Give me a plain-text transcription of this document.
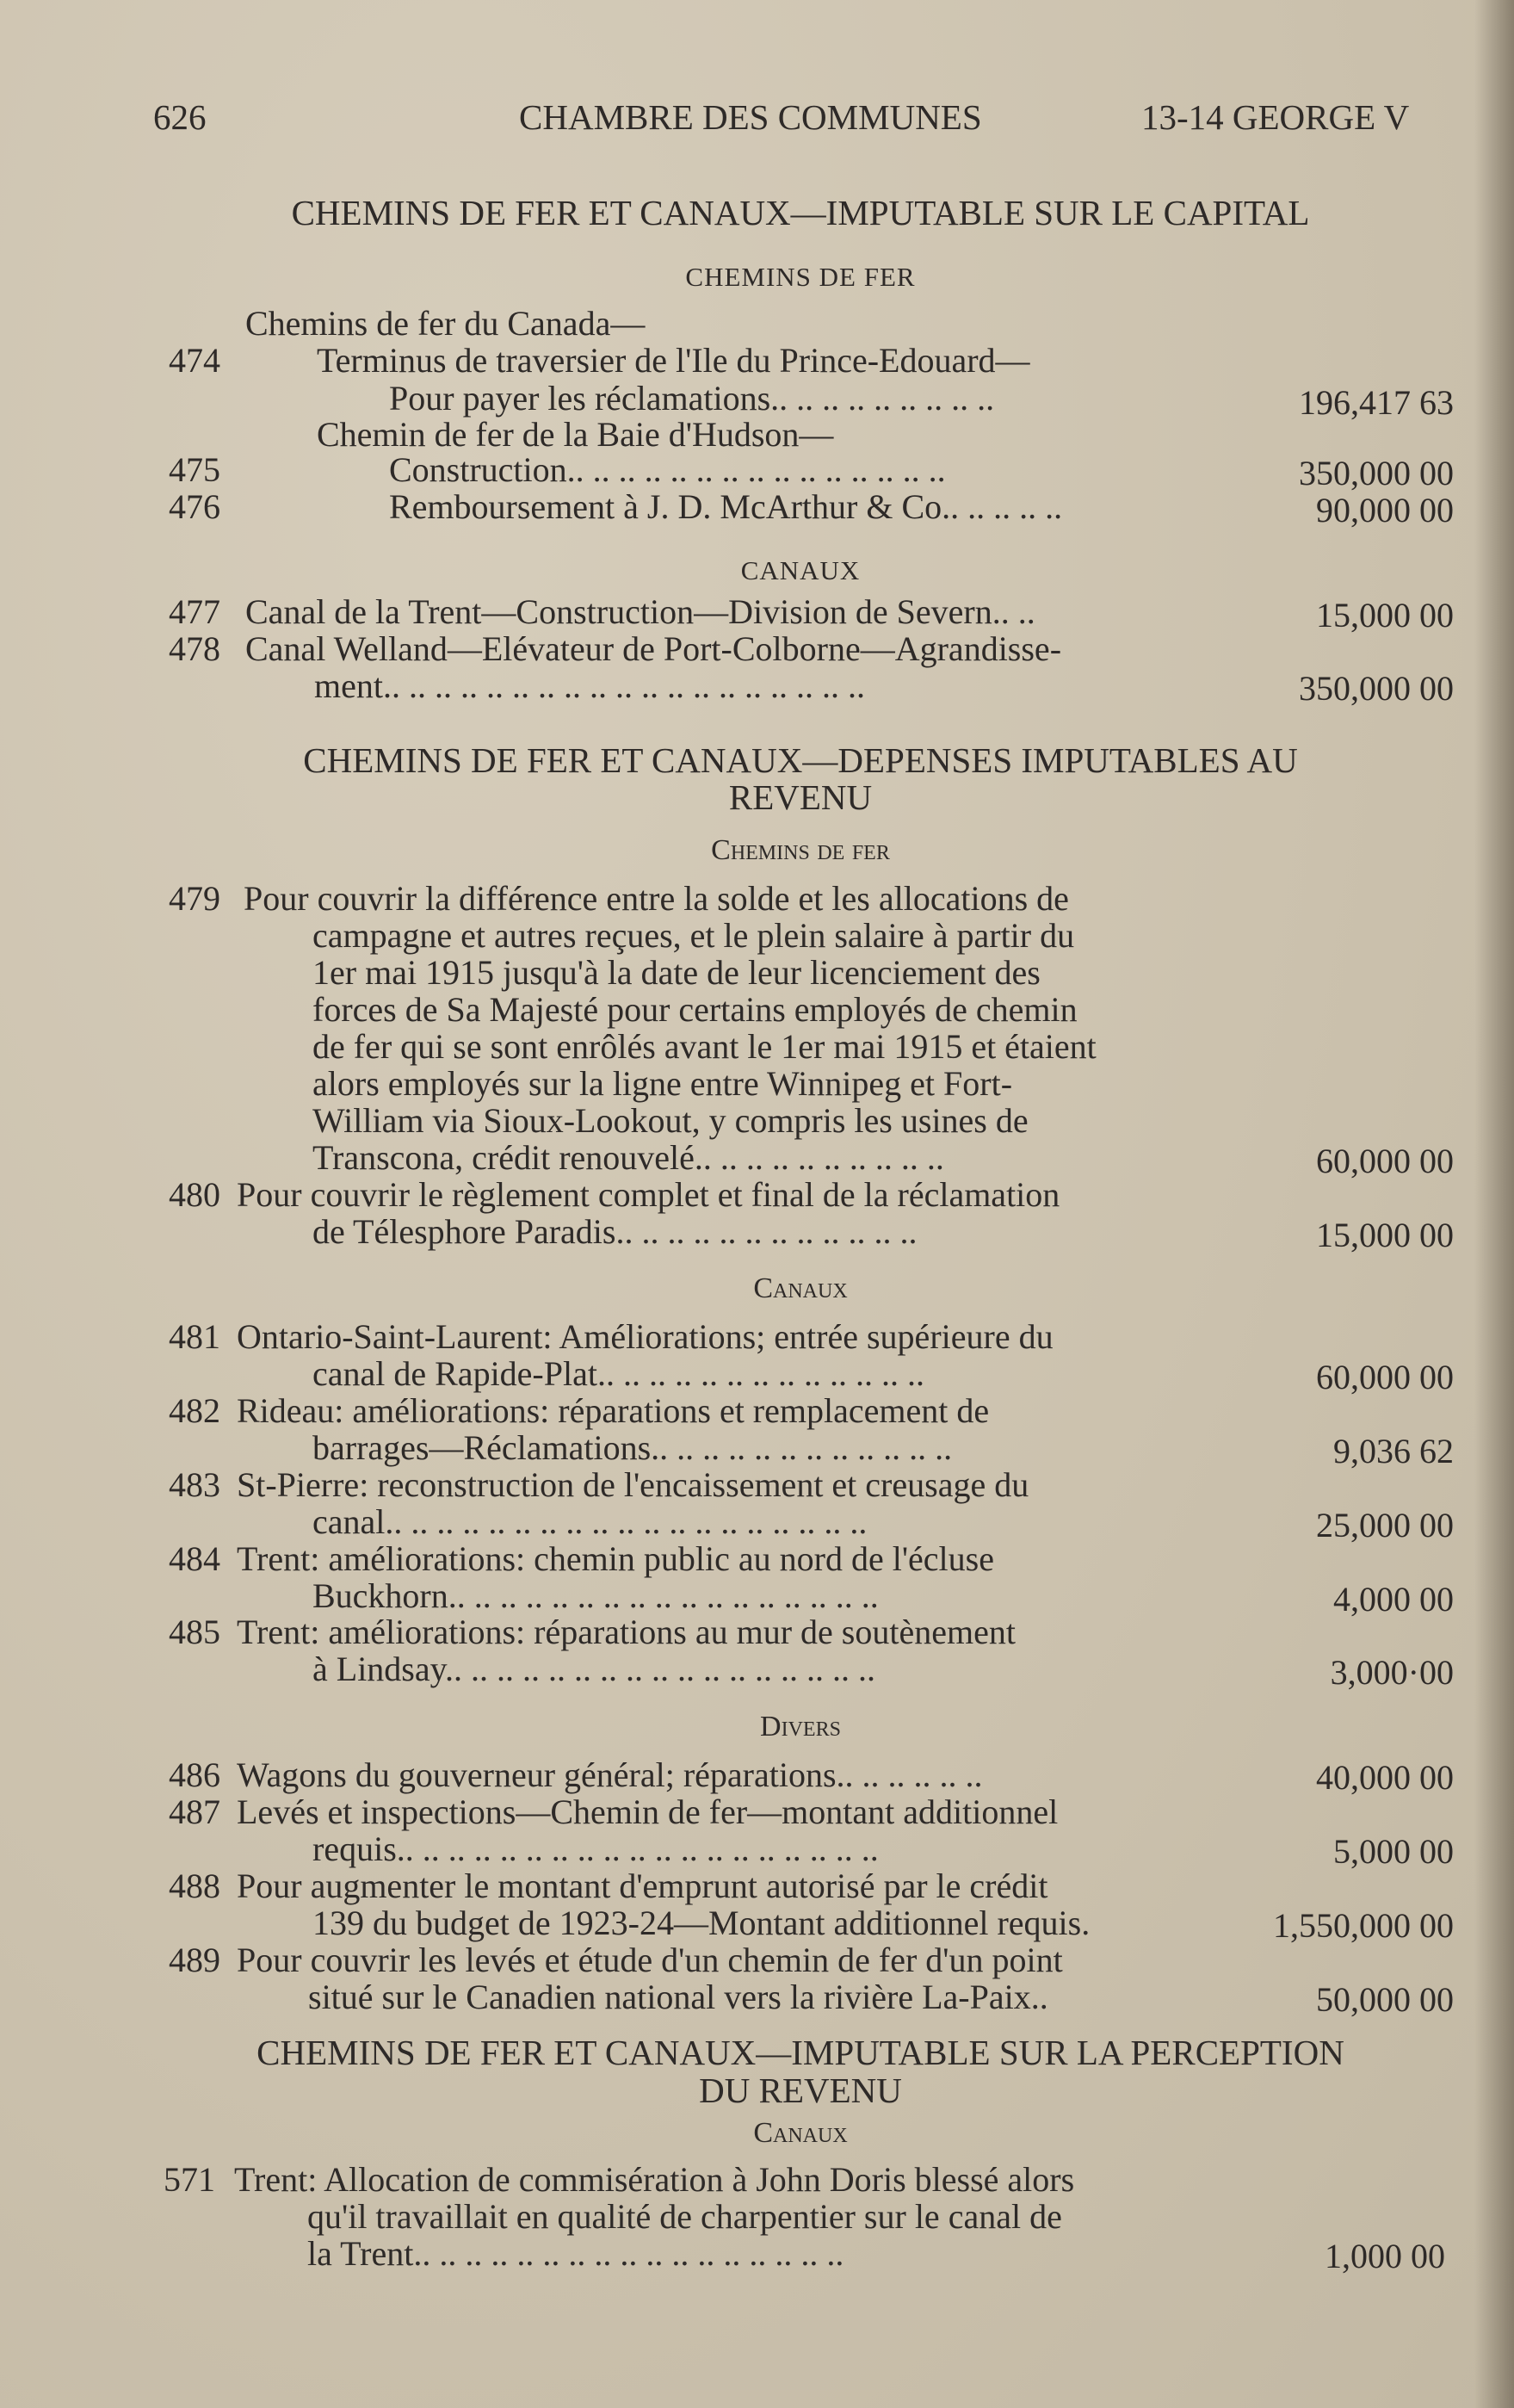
626	CHAMBRE DES COMMUNES	13-14 GEORGE V
CHEMINS DE FER ET CANAUX—IMPUTABLE SUR LE CAPITAL
CHEMINS DE FER
Chemins de fer du Canada—
474	Terminus de traversier de l'Ile du Prince-Edouard—
Pour payer les réclamations.. .. .. .. .. .. .. .. ..	196,417 63
Chemin de fer de la Baie d'Hudson—
475	Construction.. .. .. .. .. .. .. .. .. .. .. .. .. .. ..	350,000 00
476	Remboursement à J. D. McArthur & Co.. .. .. .. ..	90,000 00
CANAUX
477 Canal de la Trent—Construction—Division de Severn.. ..	15,000 00
478 Canal Welland—Elévateur de Port-Colborne—Agrandisse-
ment.. .. .. .. .. .. .. .. .. .. .. .. .. .. .. .. .. .. ..	350,000 00
CHEMINS DE FER ET CANAUX—DEPENSES IMPUTABLES AU
REVENU
Chemins de fer
479 Pour couvrir la différence entre la solde et les allocations de
campagne et autres reçues, et le plein salaire à partir du
1er mai 1915 jusqu'à la date de leur licenciement des
forces de Sa Majesté pour certains employés de chemin
de fer qui se sont enrôlés avant le 1er mai 1915 et étaient
alors employés sur la ligne entre Winnipeg et Fort-
William via Sioux-Lookout, y compris les usines de
Transcona, crédit renouvelé.. .. .. .. .. .. .. .. .. ..	60,000 00
480 Pour couvrir le règlement complet et final de la réclamation
de Télesphore Paradis.. .. .. .. .. .. .. .. .. .. .. ..	15,000 00
Canaux
481 Ontario-Saint-Laurent: Améliorations; entrée supérieure du
canal de Rapide-Plat.. .. .. .. .. .. .. .. .. .. .. .. ..	60,000 00
482 Rideau: améliorations: réparations et remplacement de
barrages—Réclamations.. .. .. .. .. .. .. .. .. .. .. ..	9,036 62
483 St-Pierre: reconstruction de l'encaissement et creusage du
canal.. .. .. .. .. .. .. .. .. .. .. .. .. .. .. .. .. .. ..	25,000 00
484 Trent: améliorations: chemin public au nord de l'écluse
Buckhorn.. .. .. .. .. .. .. .. .. .. .. .. .. .. .. .. ..	4,000 00
485 Trent: améliorations: réparations au mur de soutènement
à Lindsay.. .. .. .. .. .. .. .. .. .. .. .. .. .. .. .. ..	3,000·00
Divers
486 Wagons du gouverneur général; réparations.. .. .. .. .. ..	40,000 00
487 Levés et inspections—Chemin de fer—montant additionnel
requis.. .. .. .. .. .. .. .. .. .. .. .. .. .. .. .. .. .. ..	5,000 00
488 Pour augmenter le montant d'emprunt autorisé par le crédit
139 du budget de 1923-24—Montant additionnel requis.	1,550,000 00
489 Pour couvrir les levés et étude d'un chemin de fer d'un point
situé sur le Canadien national vers la rivière La-Paix..	50,000 00
CHEMINS DE FER ET CANAUX—IMPUTABLE SUR LA PERCEPTION
DU REVENU
Canaux
571 Trent: Allocation de commisération à John Doris blessé alors
qu'il travaillait en qualité de charpentier sur le canal de
la Trent.. .. .. .. .. .. .. .. .. .. .. .. .. .. .. .. ..	1,000 00
